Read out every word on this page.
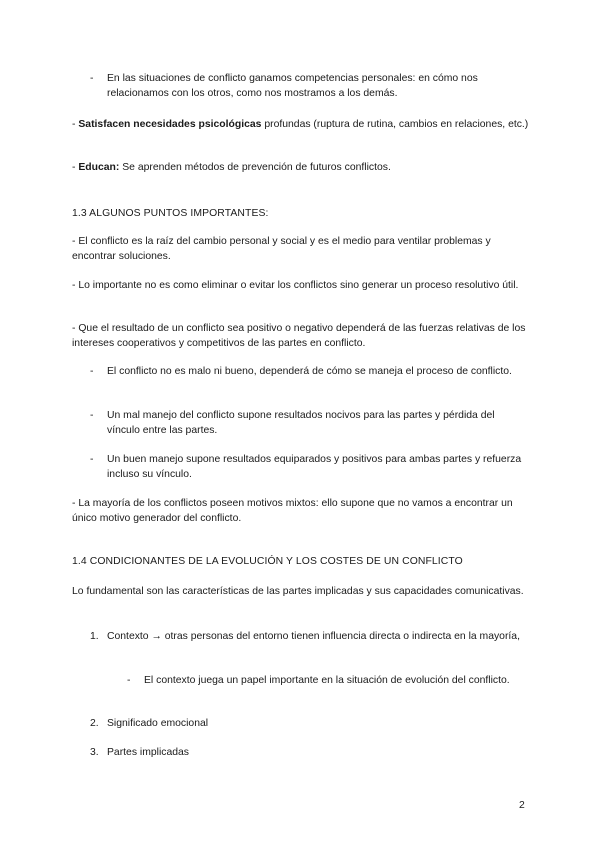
- En las situaciones de conflicto ganamos competencias personales: en cómo nos relacionamos con los otros, como nos mostramos a los demás.
- Satisfacen necesidades psicológicas profundas (ruptura de rutina, cambios en relaciones, etc.)
- Educan: Se aprenden métodos de prevención de futuros conflictos.
1.3 ALGUNOS PUNTOS IMPORTANTES:
- El conflicto es la raíz del cambio personal y social y es el medio para ventilar problemas y encontrar soluciones.
- Lo importante no es como eliminar o evitar los conflictos sino generar un proceso resolutivo útil.
- Que el resultado de un conflicto sea positivo o negativo dependerá de las fuerzas relativas de los intereses cooperativos y competitivos de las partes en conflicto.
- El conflicto no es malo ni bueno, dependerá de cómo se maneja el proceso de conflicto.
- Un mal manejo del conflicto supone resultados nocivos para las partes y pérdida del vínculo entre las partes.
- Un buen manejo supone resultados equiparados y positivos para ambas partes y refuerza incluso su vínculo.
- La mayoría de los conflictos poseen motivos mixtos: ello supone que no vamos a encontrar un único motivo generador del conflicto.
1.4 CONDICIONANTES DE LA EVOLUCIÓN Y LOS COSTES DE UN CONFLICTO
Lo fundamental son las características de las partes implicadas y sus capacidades comunicativas.
1. Contexto → otras personas del entorno tienen influencia directa o indirecta en la mayoría,
- El contexto juega un papel importante en la situación de evolución del conflicto.
2. Significado emocional
3. Partes implicadas
2
